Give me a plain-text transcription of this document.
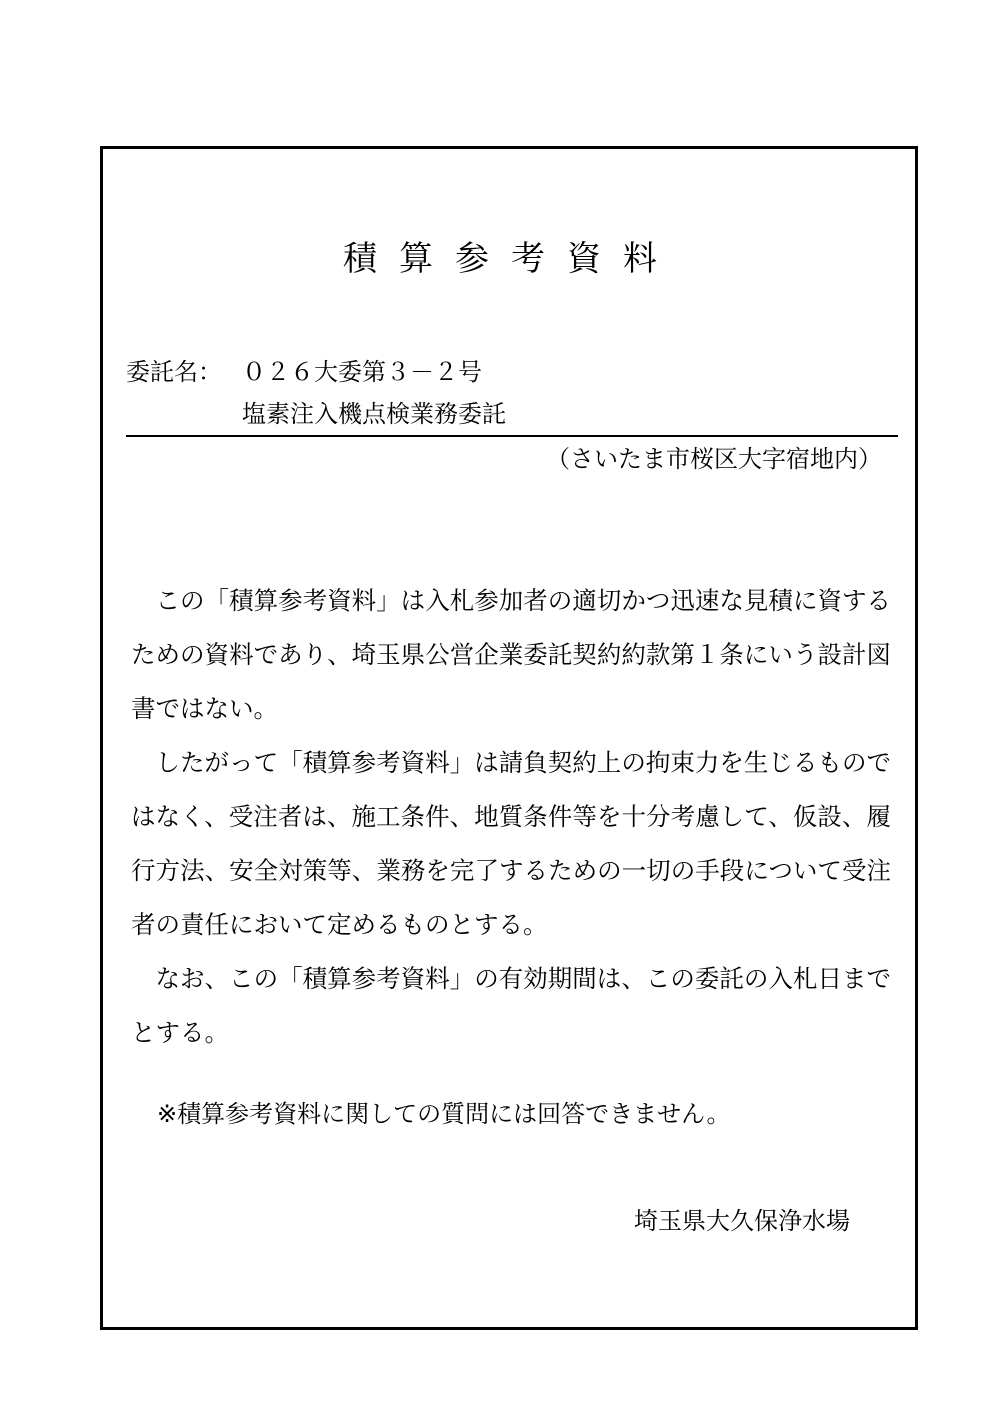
積算参考資料
委託名： ０２６大委第３－２号
塩素注入機点検業務委託
（さいたま市桜区大字宿地内）

この「積算参考資料」は入札参加者の適切かつ迅速な見積に資するための資料であり、埼玉県公営企業委託契約約款第１条にいう設計図書ではない。

したがって「積算参考資料」は請負契約上の拘束力を生じるものではなく、受注者は、施工条件、地質条件等を十分考慮して、仮設、履行方法、安全対策等、業務を完了するための一切の手段について受注者の責任において定めるものとする。

なお、この「積算参考資料」の有効期間は、この委託の入札日までとする。

※積算参考資料に関しての質問には回答できません。
埼玉県大久保浄水場
